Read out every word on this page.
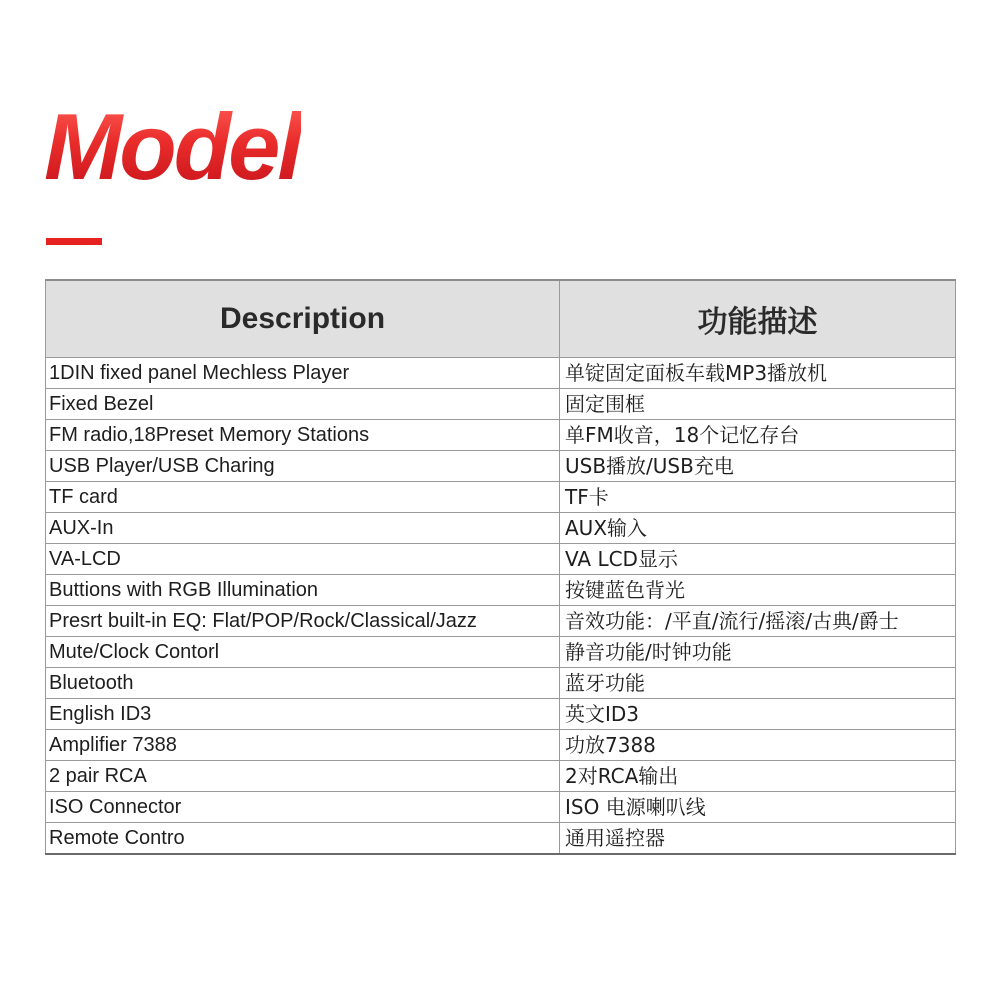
Model
Description	功能描述
1DIN fixed panel Mechless Player	单锭固定面板车载MP3播放机
Fixed Bezel	固定围框
FM radio,18Preset Memory Stations	单FM收音，18个记忆存台
USB Player/USB Charing	USB播放/USB充电
TF card	TF卡
AUX-In	AUX输入
VA-LCD	VA LCD显示
Buttions with RGB Illumination	按键蓝色背光
Presrt built-in EQ: Flat/POP/Rock/Classical/Jazz	音效功能：/平直/流行/摇滚/古典/爵士
Mute/Clock Contorl	静音功能/时钟功能
Bluetooth	蓝牙功能
English ID3	英文ID3
Amplifier 7388	功放7388
2 pair RCA	2对RCA输出
ISO Connector	ISO 电源喇叭线
Remote Contro	通用遥控器
